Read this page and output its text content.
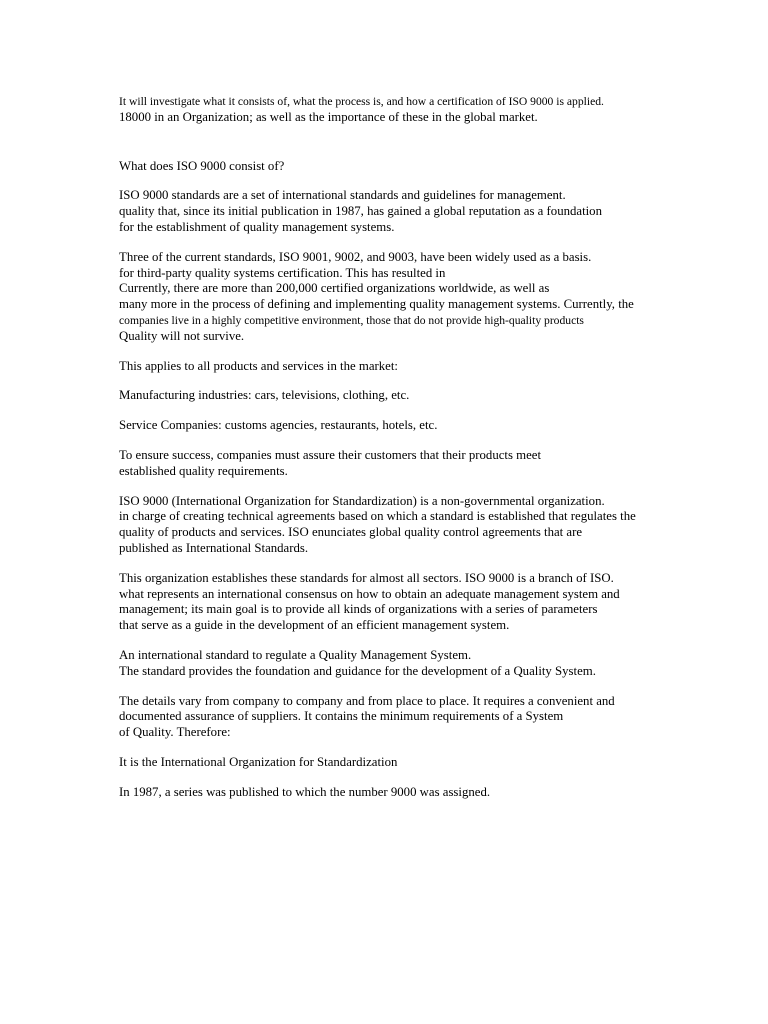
It will investigate what it consists of, what the process is, and how a certification of ISO 9000 is applied.
18000 in an Organization; as well as the importance of these in the global market.

What does ISO 9000 consist of?

ISO 9000 standards are a set of international standards and guidelines for management.
quality that, since its initial publication in 1987, has gained a global reputation as a foundation
for the establishment of quality management systems.

Three of the current standards, ISO 9001, 9002, and 9003, have been widely used as a basis.
for third-party quality systems certification. This has resulted in
Currently, there are more than 200,000 certified organizations worldwide, as well as
many more in the process of defining and implementing quality management systems. Currently, the
companies live in a highly competitive environment, those that do not provide high-quality products
Quality will not survive.

This applies to all products and services in the market:

Manufacturing industries: cars, televisions, clothing, etc.

Service Companies: customs agencies, restaurants, hotels, etc.

To ensure success, companies must assure their customers that their products meet
established quality requirements.

ISO 9000 (International Organization for Standardization) is a non-governmental organization.
in charge of creating technical agreements based on which a standard is established that regulates the
quality of products and services. ISO enunciates global quality control agreements that are
published as International Standards.

This organization establishes these standards for almost all sectors. ISO 9000 is a branch of ISO.
what represents an international consensus on how to obtain an adequate management system and
management; its main goal is to provide all kinds of organizations with a series of parameters
that serve as a guide in the development of an efficient management system.

An international standard to regulate a Quality Management System.
The standard provides the foundation and guidance for the development of a Quality System.

The details vary from company to company and from place to place. It requires a convenient and
documented assurance of suppliers. It contains the minimum requirements of a System
of Quality. Therefore:

It is the International Organization for Standardization

In 1987, a series was published to which the number 9000 was assigned.
